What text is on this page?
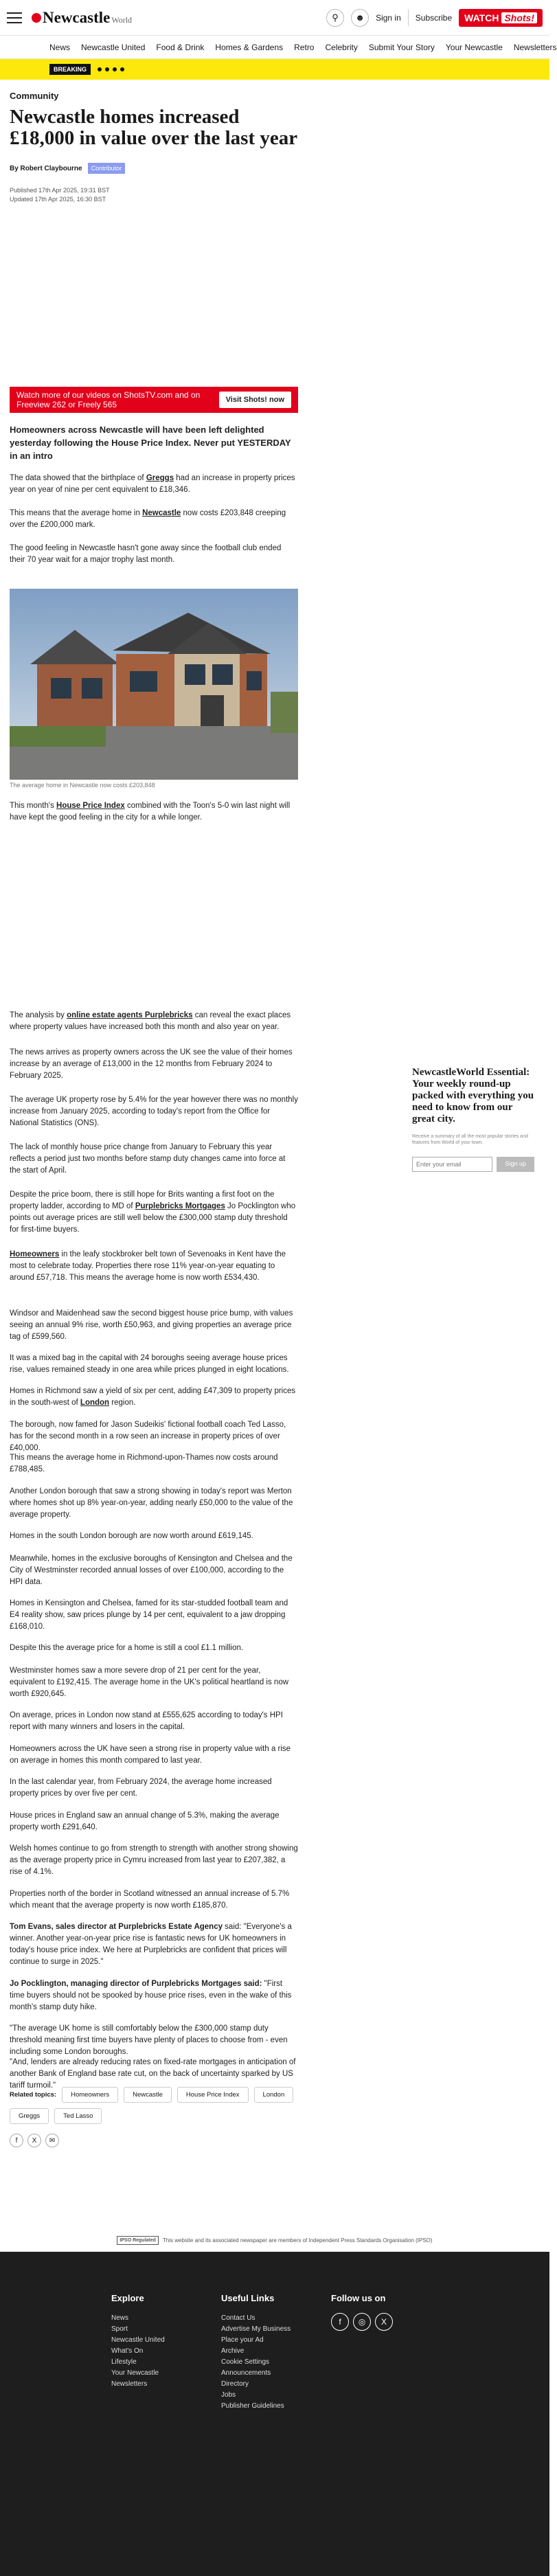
Newcastle World	⚲	☻	Sign in Subscribe WATCH Shots!
News Newcastle United Food & Drink Homes & Gardens Retro Celebrity Submit Your Story Your Newcastle Newsletters
BREAKING
Community
Newcastle homes increased £18,000 in value over the last year
By Robert Claybourne	Contributor
Published 17th Apr 2025, 19:31 BST
Updated 17th Apr 2025, 16:30 BST
Watch more of our videos on ShotsTV.com and on Freeview 262 or Freely 565	Visit Shots! now
Homeowners across Newcastle will have been left delighted yesterday following the House Price Index. Never put YESTERDAY in an intro
The data showed that the birthplace of Greggs had an increase in property prices year on year of nine per cent equivalent to £18,346.
This means that the average home in Newcastle now costs £203,848 creeping over the £200,000 mark.
The good feeling in Newcastle hasn't gone away since the football club ended their 70 year wait for a major trophy last month.
The average home in Newcastle now costs £203,848
This month's House Price Index combined with the Toon's 5-0 win last night will have kept the good feeling in the city for a while longer.
The analysis by online estate agents Purplebricks can reveal the exact places where property values have increased both this month and also year on year.
The news arrives as property owners across the UK see the value of their homes increase by an average of £13,000 in the 12 months from February 2024 to February 2025.
The average UK property rose by 5.4% for the year however there was no monthly increase from January 2025, according to today's report from the Office for National Statistics (ONS).
The lack of monthly house price change from January to February this year reflects a period just two months before stamp duty changes came into force at the start of April.
Despite the price boom, there is still hope for Brits wanting a first foot on the property ladder, according to MD of Purplebricks Mortgages Jo Pocklington who points out average prices are still well below the £300,000 stamp duty threshold for first-time buyers.
Homeowners in the leafy stockbroker belt town of Sevenoaks in Kent have the most to celebrate today. Properties there rose 11% year-on-year equating to around £57,718. This means the average home is now worth £534,430.
Windsor and Maidenhead saw the second biggest house price bump, with values seeing an annual 9% rise, worth £50,963, and giving properties an average price tag of £599,560.
It was a mixed bag in the capital with 24 boroughs seeing average house prices rise, values remained steady in one area while prices plunged in eight locations.
Homes in Richmond saw a yield of six per cent, adding £47,309 to property prices in the south-west of London region.
The borough, now famed for Jason Sudeikis' fictional football coach Ted Lasso, has for the second month in a row seen an increase in property prices of over £40,000.
This means the average home in Richmond-upon-Thames now costs around £788,485.
Another London borough that saw a strong showing in today's report was Merton where homes shot up 8% year-on-year, adding nearly £50,000 to the value of the average property.
Homes in the south London borough are now worth around £619,145.
Meanwhile, homes in the exclusive boroughs of Kensington and Chelsea and the City of Westminster recorded annual losses of over £100,000, according to the HPI data.
Homes in Kensington and Chelsea, famed for its star-studded football team and E4 reality show, saw prices plunge by 14 per cent, equivalent to a jaw dropping £168,010.
Despite this the average price for a home is still a cool £1.1 million.
Westminster homes saw a more severe drop of 21 per cent for the year, equivalent to £192,415. The average home in the UK's political heartland is now worth £920,645.
On average, prices in London now stand at £555,625 according to today's HPI report with many winners and losers in the capital.
Homeowners across the UK have seen a strong rise in property value with a rise on average in homes this month compared to last year.
In the last calendar year, from February 2024, the average home increased property prices by over five per cent.
House prices in England saw an annual change of 5.3%, making the average property worth £291,640.
Welsh homes continue to go from strength to strength with another strong showing as the average property price in Cymru increased from last year to £207,382, a rise of 4.1%.
Properties north of the border in Scotland witnessed an annual increase of 5.7% which meant that the average property is now worth £185,870.
Tom Evans, sales director at Purplebricks Estate Agency said: "Everyone's a winner. Another year-on-year price rise is fantastic news for UK homeowners in today's house price index. We here at Purplebricks are confident that prices will continue to surge in 2025."
Jo Pocklington, managing director of Purplebricks Mortgages said: "First time buyers should not be spooked by house price rises, even in the wake of this month's stamp duty hike.
"The average UK home is still comfortably below the £300,000 stamp duty threshold meaning first time buyers have plenty of places to choose from - even including some London boroughs.
"And, lenders are already reducing rates on fixed-rate mortgages in anticipation of another Bank of England base rate cut, on the back of uncertainty sparked by US tariff turmoil."
Related topics:	Homeowners	Newcastle	House Price Index	London
Greggs	Ted Lasso
f	X	✉
NewcastleWorld Essential: Your weekly round-up packed with everything you need to know from our great city.
Receive a summary of all the most popular stories and features from World of your town.
Enter your email	Sign up
IPSO Regulated	This website and its associated newspaper are members of Independent Press Standards Organisation (IPSO)
Explore
News
Sport
Newcastle United
What's On
Lifestyle
Your Newcastle
Newsletters
Useful Links
Contact Us
Advertise My Business
Place your Ad
Archive
Cookie Settings
Announcements
Directory
Jobs
Publisher Guidelines
Follow us on
f	◎	X
